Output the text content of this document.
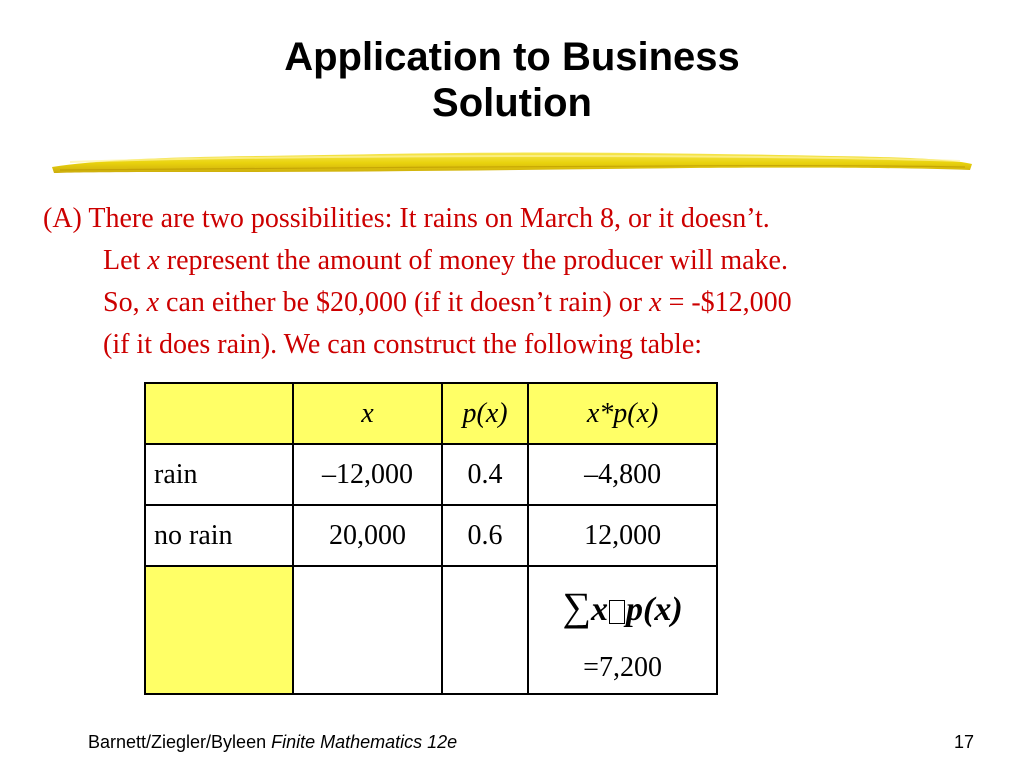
Application to Business
Solution
(A) There are two possibilities: It rains on March 8, or it doesn’t.
Let x represent the amount of money the producer will make.
So, x can either be $20,000 (if it doesn’t rain) or x = -$12,000
(if it does rain). We can construct the following table:
	x	p(x)	x*p(x)
rain	–12,000	0.4	–4,800
no rain	20,000	0.6	12,000

			∑x p(x)
=7,200
Barnett/Ziegler/Byleen Finite Mathematics 12e	17
